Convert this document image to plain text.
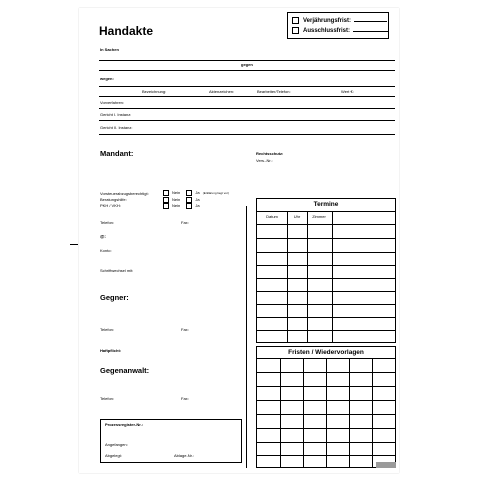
Handakte
Verjährungsfrist:
Ausschlussfrist:
In Sachen
gegen
wegen:
Bezeichnung:	Aktenzeichen:	Bearbeiter/Telefon:	Wert €:
Vorverfahren:
Gericht I. Instanz:
Gericht II. Instanz:
Mandant:	Rechtsschutz:
Vers.-Nr.:
Vorsteuerabzugsberechtigt:	Nein	Ja (Erklärung liegt vor)
Beratungshilfe:	Nein	Ja
PKH / VKH:	Nein	Ja
Telefon:	Fax:
@:
Konto:
Schriftwechsel mit:
Gegner:
Telefon:	Fax:
Haftpflicht:
Gegenanwalt:
Telefon:	Fax:
Prozessregister-Nr.:
Angefangen:
Abgelegt:	Ablage-Nr.:
Termine
Datum	Uhr	Zimmer
Fristen / Wiedervorlagen
